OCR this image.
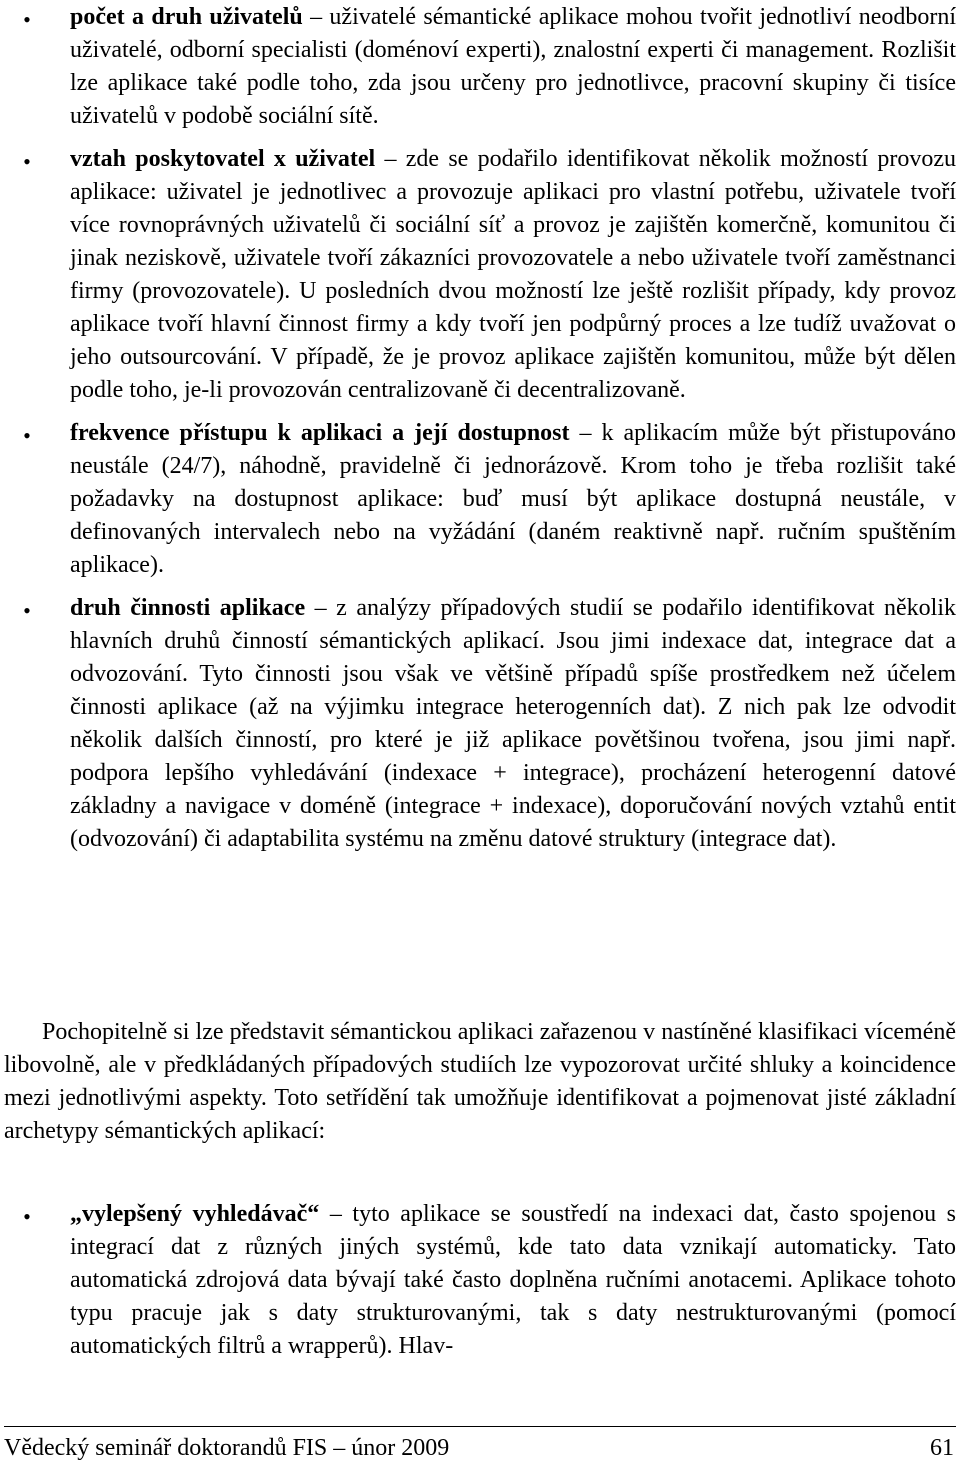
• počet a druh uživatelů – uživatelé sémantické aplikace mohou tvořit jednotliví neodborní uživatelé, odborní specialisti (doménoví experti), znalostní experti či management. Rozlišit lze aplikace také podle toho, zda jsou určeny pro jednotlivce, pracovní skupiny či tisíce uživatelů v podobě sociální sítě.
• vztah poskytovatel x uživatel – zde se podařilo identifikovat několik možností provozu aplikace: uživatel je jednotlivec a provozuje aplikaci pro vlastní potřebu, uživatele tvoří více rovnoprávných uživatelů či sociální síť a provoz je zajištěn komerčně, komunitou či jinak neziskově, uživatele tvoří zákazníci provozovatele a nebo uživatele tvoří zaměstnanci firmy (provozovatele). U posledních dvou možností lze ještě rozlišit případy, kdy provoz aplikace tvoří hlavní činnost firmy a kdy tvoří jen podpůrný proces a lze tudíž uvažovat o jeho outsourcování. V případě, že je provoz aplikace zajištěn komunitou, může být dělen podle toho, je-li provozován centralizovaně či decentralizovaně.
• frekvence přístupu k aplikaci a její dostupnost – k aplikacím může být přistupováno neustále (24/7), náhodně, pravidelně či jednorázově. Krom toho je třeba rozlišit také požadavky na dostupnost aplikace: buď musí být aplikace dostupná neustále, v definovaných intervalech nebo na vyžádání (daném reaktivně např. ručním spuštěním aplikace).
• druh činnosti aplikace – z analýzy případových studií se podařilo identifikovat několik hlavních druhů činností sémantických aplikací. Jsou jimi indexace dat, integrace dat a odvozování. Tyto činnosti jsou však ve většině případů spíše prostředkem než účelem činnosti aplikace (až na výjimku integrace heterogenních dat). Z nich pak lze odvodit několik dalších činností, pro které je již aplikace povětšinou tvořena, jsou jimi např. podpora lepšího vyhledávání (indexace + integrace), procházení heterogenní datové základny a navigace v doméně (integrace + indexace), doporučování nových vztahů entit (odvozování) či adaptabilita systému na změnu datové struktury (integrace dat).

Pochopitelně si lze představit sémantickou aplikaci zařazenou v nastíněné klasifikaci víceméně libovolně, ale v předkládaných případových studiích lze vypozorovat určité shluky a koincidence mezi jednotlivými aspekty. Toto setřídění tak umožňuje identifikovat a pojmenovat jisté základní archetypy sémantických aplikací:

• „vylepšený vyhledávač“ – tyto aplikace se soustředí na indexaci dat, často spojenou s integrací dat z různých jiných systémů, kde tato data vznikají automaticky. Tato automatická zdrojová data bývají také často doplněna ručními anotacemi. Aplikace tohoto typu pracuje jak s daty strukturovanými, tak s daty nestrukturovanými (pomocí automatických filtrů a wrapperů). Hlav-
Vědecký seminář doktorandů FIS – únor 2009	61
